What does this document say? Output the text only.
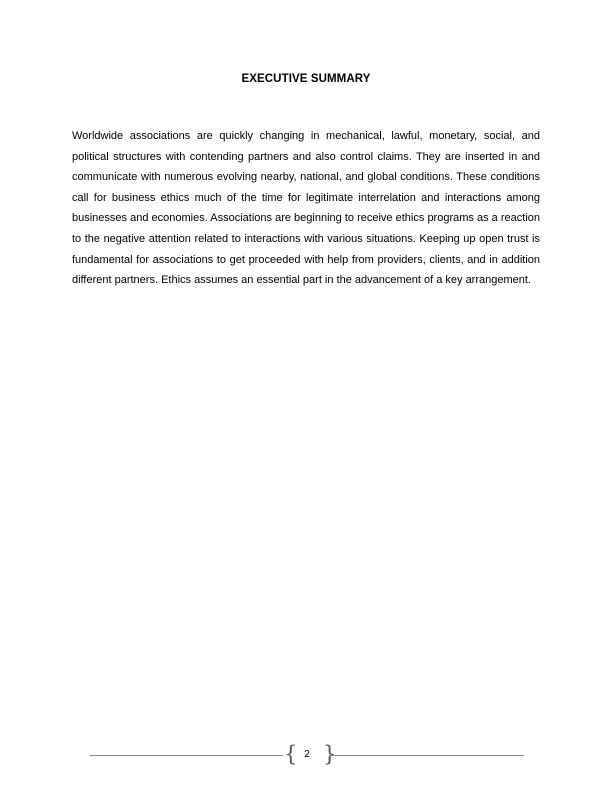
EXECUTIVE SUMMARY

Worldwide associations are quickly changing in mechanical, lawful, monetary, social, and political structures with contending partners and also control claims. They are inserted in and communicate with numerous evolving nearby, national, and global conditions. These conditions call for business ethics much of the time for legitimate interrelation and interactions among businesses and economies. Associations are beginning to receive ethics programs as a reaction to the negative attention related to interactions with various situations. Keeping up open trust is fundamental for associations to get proceeded with help from providers, clients, and in addition different partners. Ethics assumes an essential part in the advancement of a key arrangement.

{ 2 }
